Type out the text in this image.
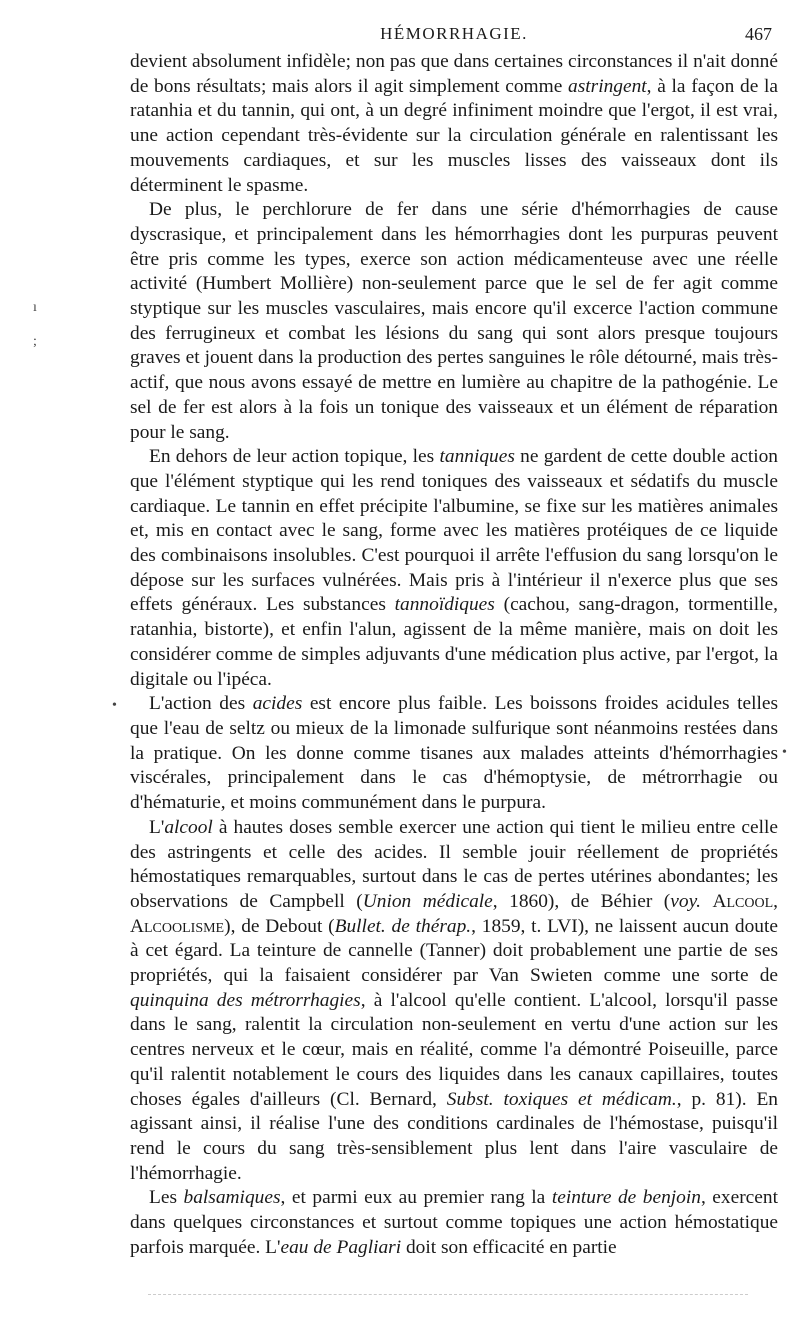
HÉMORRHAGIE.	467

devient absolument infidèle; non pas que dans certaines circonstances il n'ait donné de bons résultats; mais alors il agit simplement comme astringent, à la façon de la ratanhia et du tannin, qui ont, à un degré infiniment moindre que l'ergot, il est vrai, une action cependant très-évidente sur la circulation générale en ralentissant les mouvements cardiaques, et sur les muscles lisses des vaisseaux dont ils déterminent le spasme.

De plus, le perchlorure de fer dans une série d'hémorrhagies de cause dyscrasique, et principalement dans les hémorrhagies dont les purpuras peuvent être pris comme les types, exerce son action médicamenteuse avec une réelle activité (Humbert Mollière) non-seulement parce que le sel de fer agit comme styptique sur les muscles vasculaires, mais encore qu'il excerce l'action commune des ferrugineux et combat les lésions du sang qui sont alors presque toujours graves et jouent dans la production des pertes sanguines le rôle détourné, mais très-actif, que nous avons essayé de mettre en lumière au chapitre de la pathogénie. Le sel de fer est alors à la fois un tonique des vaisseaux et un élément de réparation pour le sang.

En dehors de leur action topique, les tanniques ne gardent de cette double action que l'élément styptique qui les rend toniques des vaisseaux et sédatifs du muscle cardiaque. Le tannin en effet précipite l'albumine, se fixe sur les matières animales et, mis en contact avec le sang, forme avec les matières protéiques de ce liquide des combinaisons insolubles. C'est pourquoi il arrête l'effusion du sang lorsqu'on le dépose sur les surfaces vulnérées. Mais pris à l'intérieur il n'exerce plus que ses effets généraux. Les substances tannoïdiques (cachou, sang-dragon, tormentille, ratanhia, bistorte), et enfin l'alun, agissent de la même manière, mais on doit les considérer comme de simples adjuvants d'une médication plus active, par l'ergot, la digitale ou l'ipéca.

L'action des acides est encore plus faible. Les boissons froides acidules telles que l'eau de seltz ou mieux de la limonade sulfurique sont néanmoins restées dans la pratique. On les donne comme tisanes aux malades atteints d'hémorrhagies viscérales, principalement dans le cas d'hémoptysie, de métrorrhagie ou d'hématurie, et moins communément dans le purpura.

L'alcool à hautes doses semble exercer une action qui tient le milieu entre celle des astringents et celle des acides. Il semble jouir réellement de propriétés hémostatiques remarquables, surtout dans le cas de pertes utérines abondantes; les observations de Campbell (Union médicale, 1860), de Béhier (voy. Alcool, Alcoolisme), de Debout (Bullet. de thérap., 1859, t. LVI), ne laissent aucun doute à cet égard. La teinture de cannelle (Tanner) doit probablement une partie de ses propriétés, qui la faisaient considérer par Van Swieten comme une sorte de quinquina des métrorrhagies, à l'alcool qu'elle contient. L'alcool, lorsqu'il passe dans le sang, ralentit la circulation non-seulement en vertu d'une action sur les centres nerveux et le cœur, mais en réalité, comme l'a démontré Poiseuille, parce qu'il ralentit notablement le cours des liquides dans les canaux capillaires, toutes choses égales d'ailleurs (Cl. Bernard, Subst. toxiques et médicam., p. 81). En agissant ainsi, il réalise l'une des conditions cardinales de l'hémostase, puisqu'il rend le cours du sang très-sensiblement plus lent dans l'aire vasculaire de l'hémorrhagie.

Les balsamiques, et parmi eux au premier rang la teinture de benjoin, exercent dans quelques circonstances et surtout comme topiques une action hémostatique parfois marquée. L'eau de Pagliari doit son efficacité en partie

ı
;
•
•
